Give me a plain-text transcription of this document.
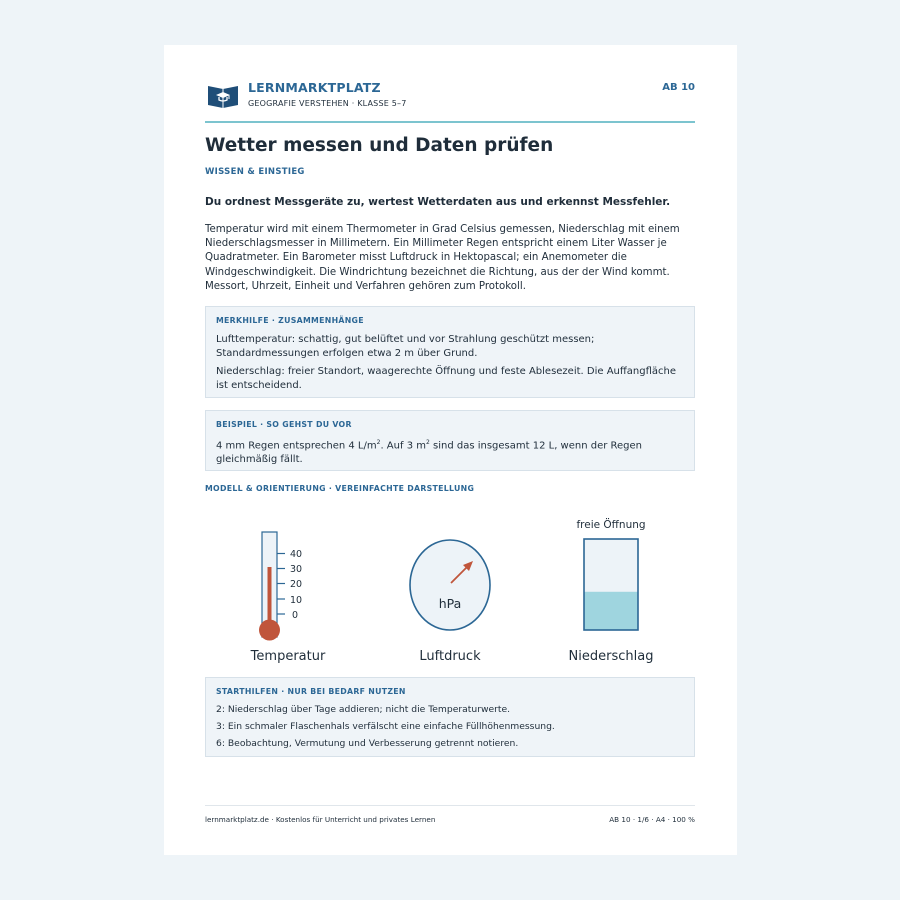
LERNMARKTPLATZ
GEOGRAFIE VERSTEHEN · KLASSE 5–7
AB 10
Wetter messen und Daten prüfen
WISSEN & EINSTIEG

Du ordnest Messgeräte zu, wertest Wetterdaten aus und erkennst Messfehler.

Temperatur wird mit einem Thermometer in Grad Celsius gemessen, Niederschlag mit einem Niederschlagsmesser in Millimetern. Ein Millimeter Regen entspricht einem Liter Wasser je Quadratmeter. Ein Barometer misst Luftdruck in Hektopascal; ein Anemometer die Windgeschwindigkeit. Die Windrichtung bezeichnet die Richtung, aus der der Wind kommt. Messort, Uhrzeit, Einheit und Verfahren gehören zum Protokoll.

MERKHILFE · ZUSAMMENHÄNGE

Lufttemperatur: schattig, gut belüftet und vor Strahlung geschützt messen; Standardmessungen erfolgen etwa 2 m über Grund.

Niederschlag: freier Standort, waagerechte Öffnung und feste Ablesezeit. Die Auffangfläche ist entscheidend.

BEISPIEL · SO GEHST DU VOR

4 mm Regen entsprechen 4 $L/m^2$. Auf 3 $m^2$ sind das insgesamt 12 L, wenn der Regen gleichmäßig fällt.

MODELL & ORIENTIERUNG · VEREINFACHTE DARSTELLUNG
40
30
20
10
0
Temperatur
hPa
Luftdruck
freie Öffnung
Niederschlag
STARTHILFEN · NUR BEI BEDARF NUTZEN

2: Niederschlag über Tage addieren; nicht die Temperaturwerte.

3: Ein schmaler Flaschenhals verfälscht eine einfache Füllhöhenmessung.

6: Beobachtung, Vermutung und Verbesserung getrennt notieren.

lernmarktplatz.de · Kostenlos für Unterricht und privates Lernen	AB 10 · 1/6 · A4 · 100 %
